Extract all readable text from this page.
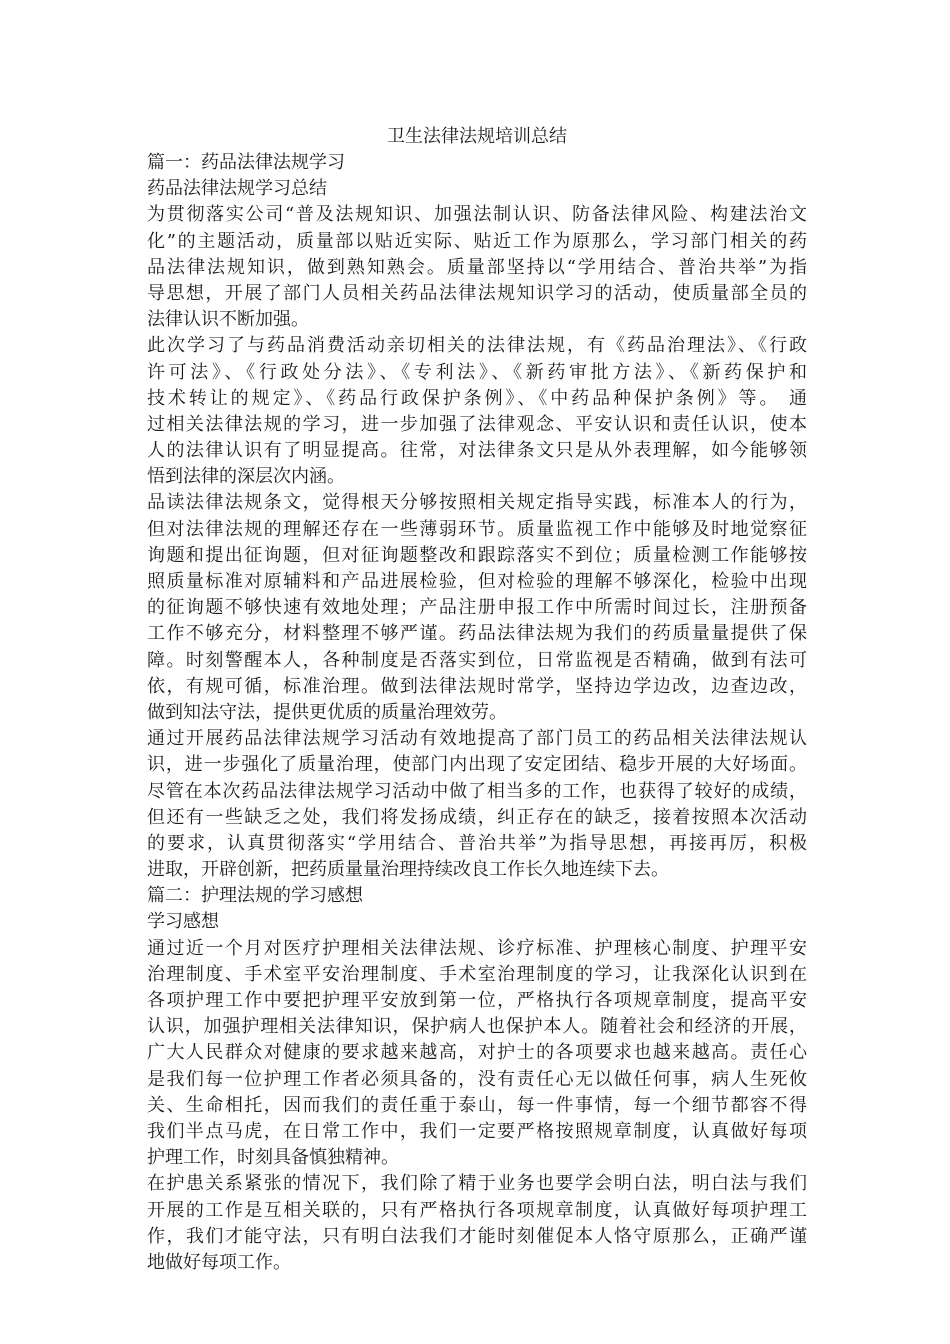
卫生法律法规培训总结

篇一：药品法律法规学习

药品法律法规学习总结

为贯彻落实公司“普及法规知识、加强法制认识、防备法律风险、构建法治文

化”的主题活动，质量部以贴近实际、贴近工作为原那么，学习部门相关的药

品法律法规知识，做到熟知熟会。质量部坚持以“学用结合、普治共举”为指

导思想，开展了部门人员相关药品法律法规知识学习的活动，使质量部全员的

法律认识不断加强。

此次学习了与药品消费活动亲切相关的法律法规，有《药品治理法》、《行政

许可法》、《行政处分法》、《专利法》、《新药审批方法》、《新药保护和

技术转让的规定》、《药品行政保护条例》、《中药品种保护条例》等。 通

过相关法律法规的学习，进一步加强了法律观念、平安认识和责任认识，使本

人的法律认识有了明显提高。往常，对法律条文只是从外表理解，如今能够领

悟到法律的深层次内涵。

品读法律法规条文，觉得根天分够按照相关规定指导实践，标准本人的行为，

但对法律法规的理解还存在一些薄弱环节。质量监视工作中能够及时地觉察征

询题和提出征询题，但对征询题整改和跟踪落实不到位；质量检测工作能够按

照质量标准对原辅料和产品进展检验，但对检验的理解不够深化，检验中出现

的征询题不够快速有效地处理；产品注册申报工作中所需时间过长，注册预备

工作不够充分，材料整理不够严谨。药品法律法规为我们的药质量量提供了保

障。时刻警醒本人，各种制度是否落实到位，日常监视是否精确，做到有法可

依，有规可循，标准治理。做到法律法规时常学，坚持边学边改，边查边改，

做到知法守法，提供更优质的质量治理效劳。

通过开展药品法律法规学习活动有效地提高了部门员工的药品相关法律法规认

识，进一步强化了质量治理，使部门内出现了安定团结、稳步开展的大好场面。

尽管在本次药品法律法规学习活动中做了相当多的工作，也获得了较好的成绩，

但还有一些缺乏之处，我们将发扬成绩，纠正存在的缺乏，接着按照本次活动

的要求，认真贯彻落实“学用结合、普治共举”为指导思想，再接再厉，积极

进取，开辟创新，把药质量量治理持续改良工作长久地连续下去。

篇二：护理法规的学习感想

学习感想

通过近一个月对医疗护理相关法律法规、诊疗标准、护理核心制度、护理平安

治理制度、手术室平安治理制度、手术室治理制度的学习，让我深化认识到在

各项护理工作中要把护理平安放到第一位，严格执行各项规章制度，提高平安

认识，加强护理相关法律知识，保护病人也保护本人。随着社会和经济的开展，

广大人民群众对健康的要求越来越高，对护士的各项要求也越来越高。责任心

是我们每一位护理工作者必须具备的，没有责任心无以做任何事，病人生死攸

关、生命相托，因而我们的责任重于泰山，每一件事情，每一个细节都容不得

我们半点马虎，在日常工作中，我们一定要严格按照规章制度，认真做好每项

护理工作，时刻具备慎独精神。

在护患关系紧张的情况下，我们除了精于业务也要学会明白法，明白法与我们

开展的工作是互相关联的，只有严格执行各项规章制度，认真做好每项护理工

作，我们才能守法，只有明白法我们才能时刻催促本人恪守原那么，正确严谨

地做好每项工作。
